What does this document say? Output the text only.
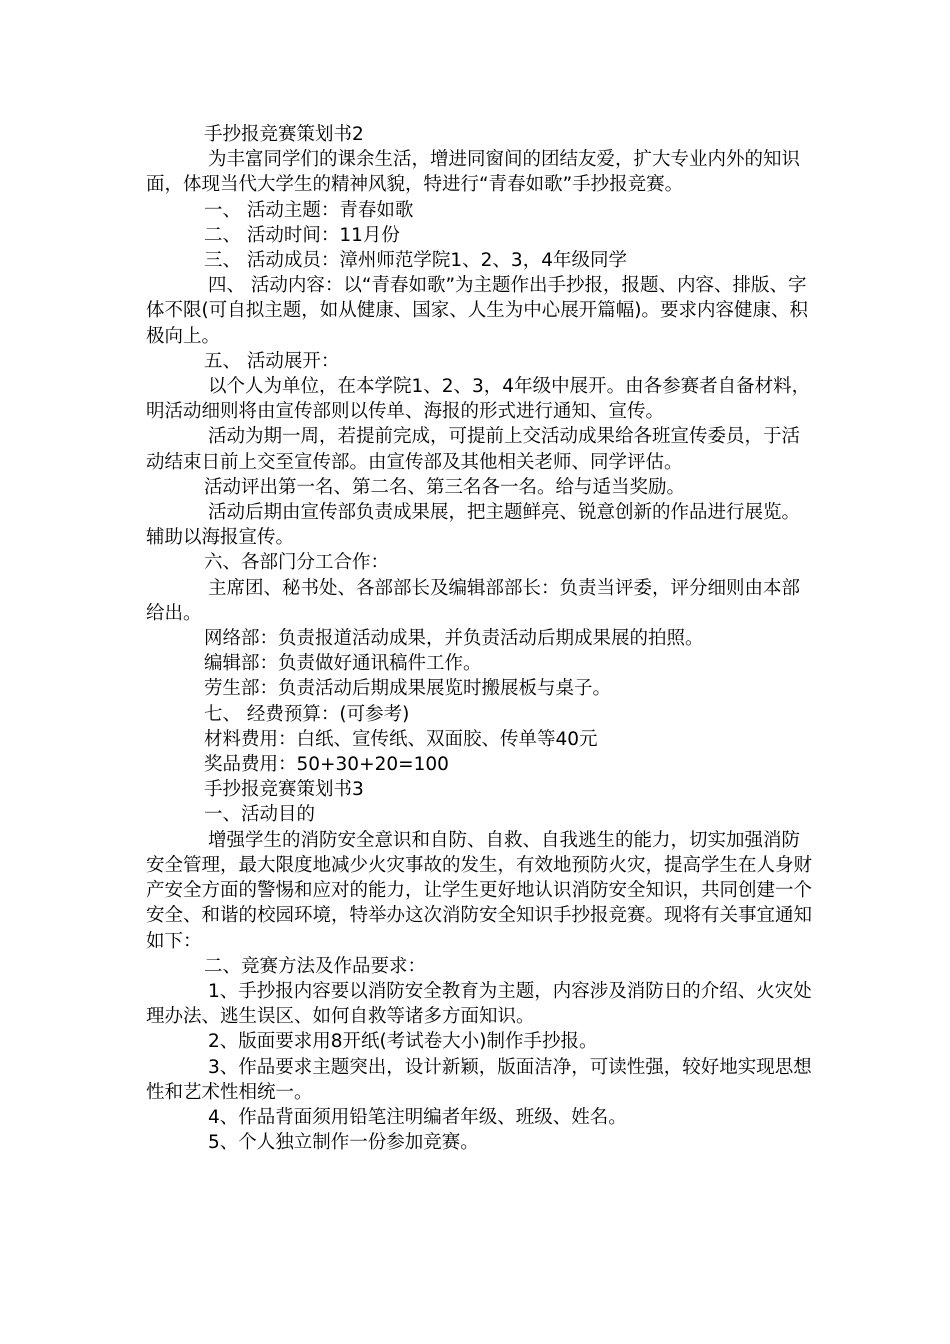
手抄报竞赛策划书2

为丰富同学们的课余生活，增进同窗间的团结友爱，扩大专业内外的知识面，体现当代大学生的精神风貌，特进行“青春如歌”手抄报竞赛。

一、 活动主题：青春如歌

二、 活动时间：11月份

三、 活动成员：漳州师范学院1、2、3，4年级同学

四、 活动内容：以“青春如歌”为主题作出手抄报，报题、内容、排版、字体不限(可自拟主题，如从健康、国家、人生为中心展开篇幅)。要求内容健康、积极向上。

五、 活动展开：

以个人为单位，在本学院1、2、3，4年级中展开。由各参赛者自备材料，明活动细则将由宣传部则以传单、海报的形式进行通知、宣传。

活动为期一周，若提前完成，可提前上交活动成果给各班宣传委员，于活动结束日前上交至宣传部。由宣传部及其他相关老师、同学评估。

活动评出第一名、第二名、第三名各一名。给与适当奖励。

活动后期由宣传部负责成果展，把主题鲜亮、锐意创新的作品进行展览。辅助以海报宣传。

六、各部门分工合作：

主席团、秘书处、各部部长及编辑部部长：负责当评委，评分细则由本部给出。

网络部：负责报道活动成果，并负责活动后期成果展的拍照。

编辑部：负责做好通讯稿件工作。

劳生部：负责活动后期成果展览时搬展板与桌子。

七、 经费预算：(可参考)

材料费用：白纸、宣传纸、双面胶、传单等40元

奖品费用：50+30+20=100

手抄报竞赛策划书3

一、活动目的

增强学生的消防安全意识和自防、自救、自我逃生的能力，切实加强消防安全管理，最大限度地减少火灾事故的发生，有效地预防火灾，提高学生在人身财产安全方面的警惕和应对的能力，让学生更好地认识消防安全知识，共同创建一个安全、和谐的校园环境，特举办这次消防安全知识手抄报竞赛。现将有关事宜通知如下：

二、竞赛方法及作品要求：

1、手抄报内容要以消防安全教育为主题，内容涉及消防日的介绍、火灾处理办法、逃生误区、如何自救等诸多方面知识。

2、版面要求用8开纸(考试卷大小)制作手抄报。

3、作品要求主题突出，设计新颖，版面洁净，可读性强，较好地实现思想性和艺术性相统一。

4、作品背面须用铅笔注明编者年级、班级、姓名。

5、个人独立制作一份参加竞赛。
